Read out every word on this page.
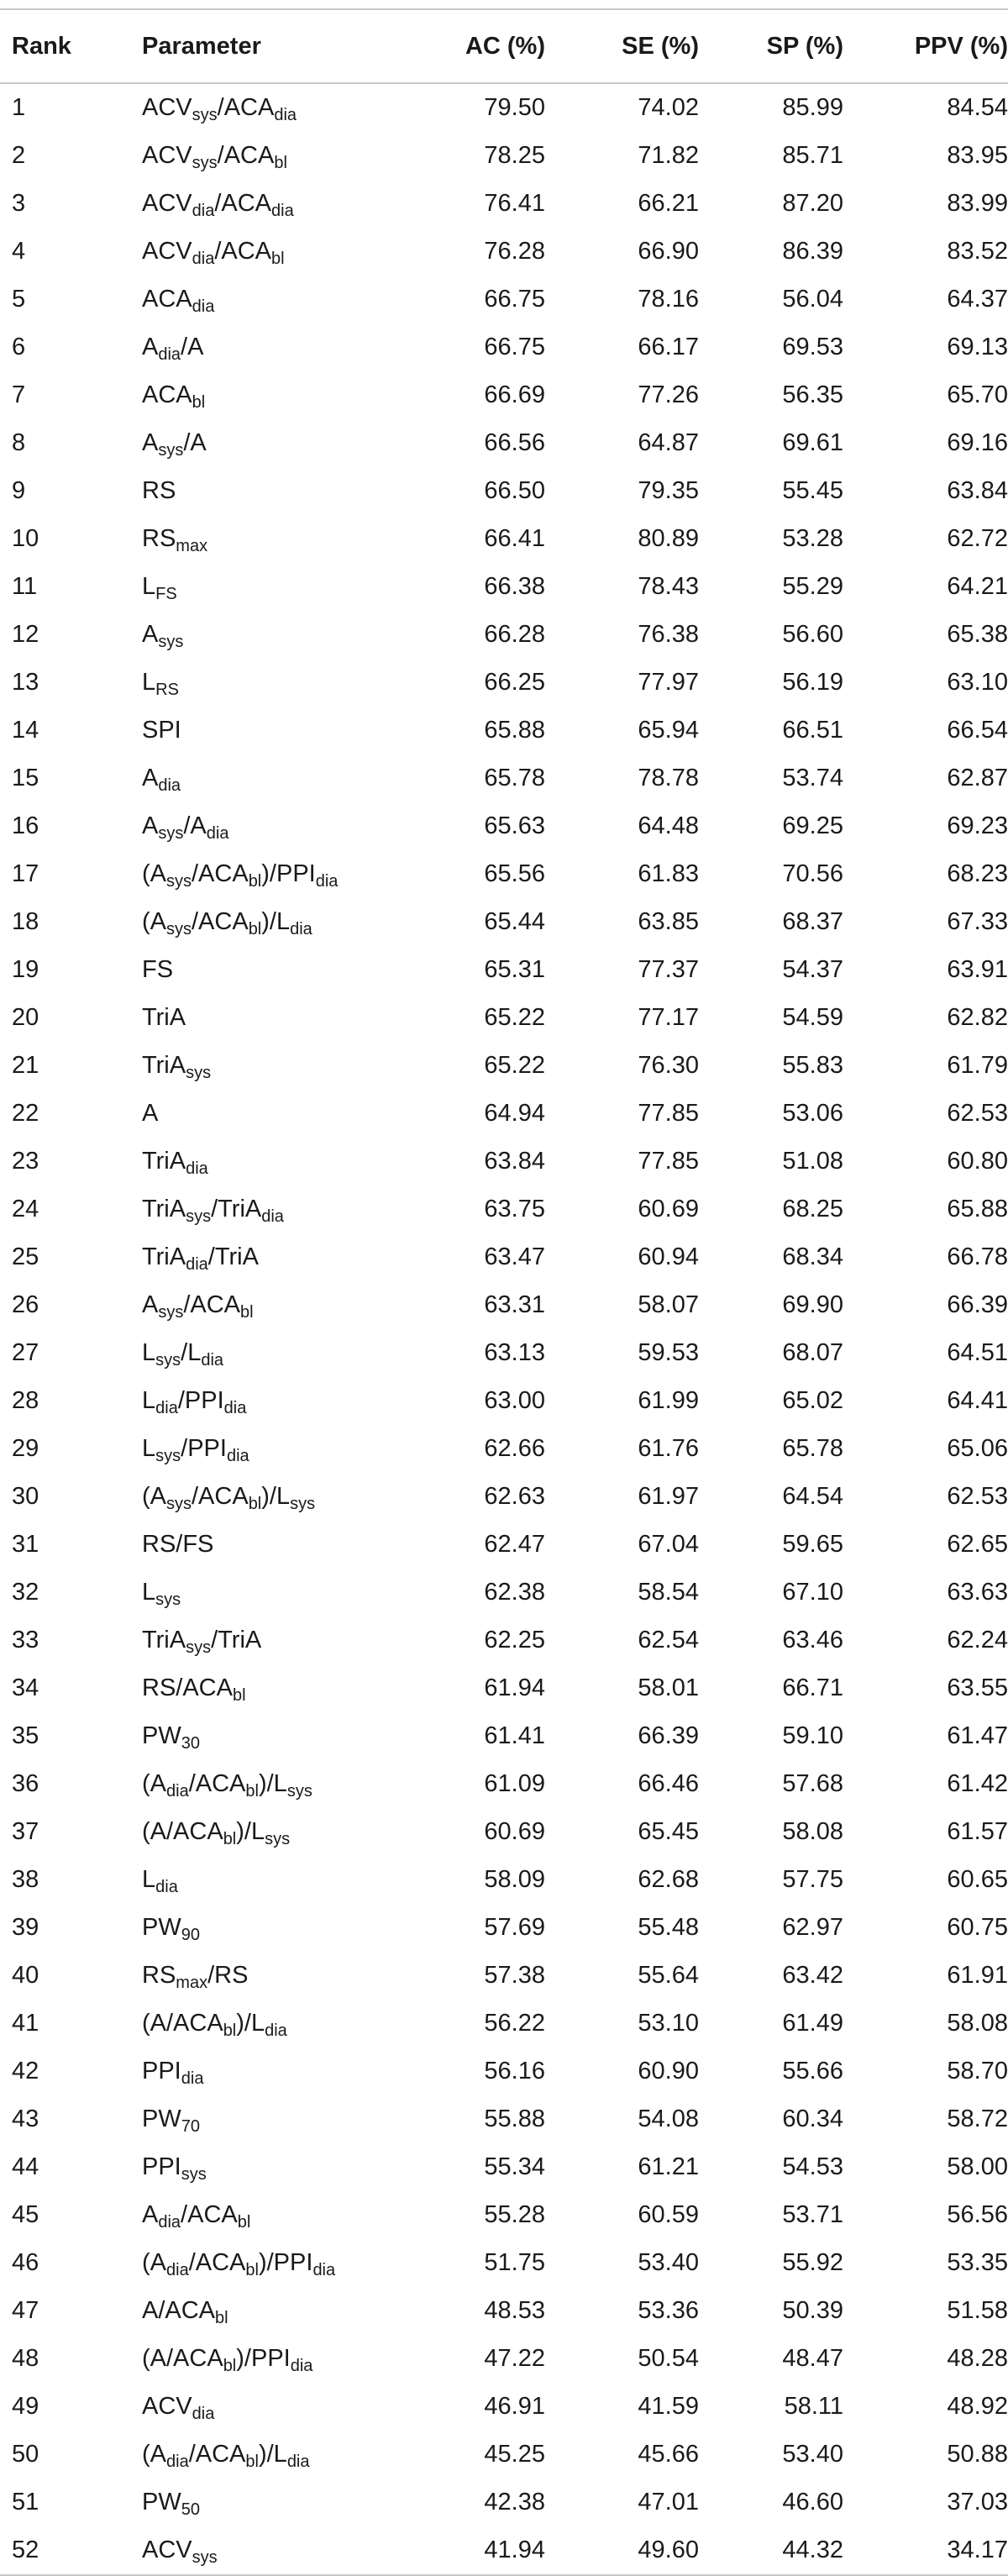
Rank	Parameter	AC (%)	SE (%)	SP (%)	PPV (%)
1	$ACV_{sys}/ACA_{dia}$	79.50	74.02	85.99	84.54
2	$ACV_{sys}/ACA_{bl}$	78.25	71.82	85.71	83.95
3	$ACV_{dia}/ACA_{dia}$	76.41	66.21	87.20	83.99
4	$ACV_{dia}/ACA_{bl}$	76.28	66.90	86.39	83.52
5	$ACA_{dia}$	66.75	78.16	56.04	64.37
6	$A_{dia}/A$	66.75	66.17	69.53	69.13
7	$ACA_{bl}$	66.69	77.26	56.35	65.70
8	$A_{sys}/A$	66.56	64.87	69.61	69.16
9	RS	66.50	79.35	55.45	63.84
10	$RS_{max}$	66.41	80.89	53.28	62.72
11	$L_{FS}$	66.38	78.43	55.29	64.21
12	$A_{sys}$	66.28	76.38	56.60	65.38
13	$L_{RS}$	66.25	77.97	56.19	63.10
14	SPI	65.88	65.94	66.51	66.54
15	$A_{dia}$	65.78	78.78	53.74	62.87
16	$A_{sys}/A_{dia}$	65.63	64.48	69.25	69.23
17	$(A_{sys}/ACA_{bl})/PPI_{dia}$	65.56	61.83	70.56	68.23
18	$(A_{sys}/ACA_{bl})/L_{dia}$	65.44	63.85	68.37	67.33
19	FS	65.31	77.37	54.37	63.91
20	TriA	65.22	77.17	54.59	62.82
21	TriA$_{sys}$	65.22	76.30	55.83	61.79
22	A	64.94	77.85	53.06	62.53
23	TriA$_{dia}$	63.84	77.85	51.08	60.80
24	TriA$_{sys}$/TriA$_{dia}$	63.75	60.69	68.25	65.88
25	TriA$_{dia}$/TriA	63.47	60.94	68.34	66.78
26	$A_{sys}/ACA_{bl}$	63.31	58.07	69.90	66.39
27	$L_{sys}/L_{dia}$	63.13	59.53	68.07	64.51
28	$L_{dia}/PPI_{dia}$	63.00	61.99	65.02	64.41
29	$L_{sys}/PPI_{dia}$	62.66	61.76	65.78	65.06
30	$(A_{sys}/ACA_{bl})/L_{sys}$	62.63	61.97	64.54	62.53
31	RS/FS	62.47	67.04	59.65	62.65
32	$L_{sys}$	62.38	58.54	67.10	63.63
33	TriA$_{sys}$/TriA	62.25	62.54	63.46	62.24
34	$RS/ACA_{bl}$	61.94	58.01	66.71	63.55
35	$PW_{30}$	61.41	66.39	59.10	61.47
36	$(A_{dia}/ACA_{bl})/L_{sys}$	61.09	66.46	57.68	61.42
37	$(A/ACA_{bl})/L_{sys}$	60.69	65.45	58.08	61.57
38	$L_{dia}$	58.09	62.68	57.75	60.65
39	$PW_{90}$	57.69	55.48	62.97	60.75
40	$RS_{max}/RS$	57.38	55.64	63.42	61.91
41	$(A/ACA_{bl})/L_{dia}$	56.22	53.10	61.49	58.08
42	$PPI_{dia}$	56.16	60.90	55.66	58.70
43	$PW_{70}$	55.88	54.08	60.34	58.72
44	$PPI_{sys}$	55.34	61.21	54.53	58.00
45	$A_{dia}/ACA_{bl}$	55.28	60.59	53.71	56.56
46	$(A_{dia}/ACA_{bl})/PPI_{dia}$	51.75	53.40	55.92	53.35
47	$A/ACA_{bl}$	48.53	53.36	50.39	51.58
48	$(A/ACA_{bl})/PPI_{dia}$	47.22	50.54	48.47	48.28
49	$ACV_{dia}$	46.91	41.59	58.11	48.92
50	$(A_{dia}/ACA_{bl})/L_{dia}$	45.25	45.66	53.40	50.88
51	$PW_{50}$	42.38	47.01	46.60	37.03
52	$ACV_{sys}$	41.94	49.60	44.32	34.17
